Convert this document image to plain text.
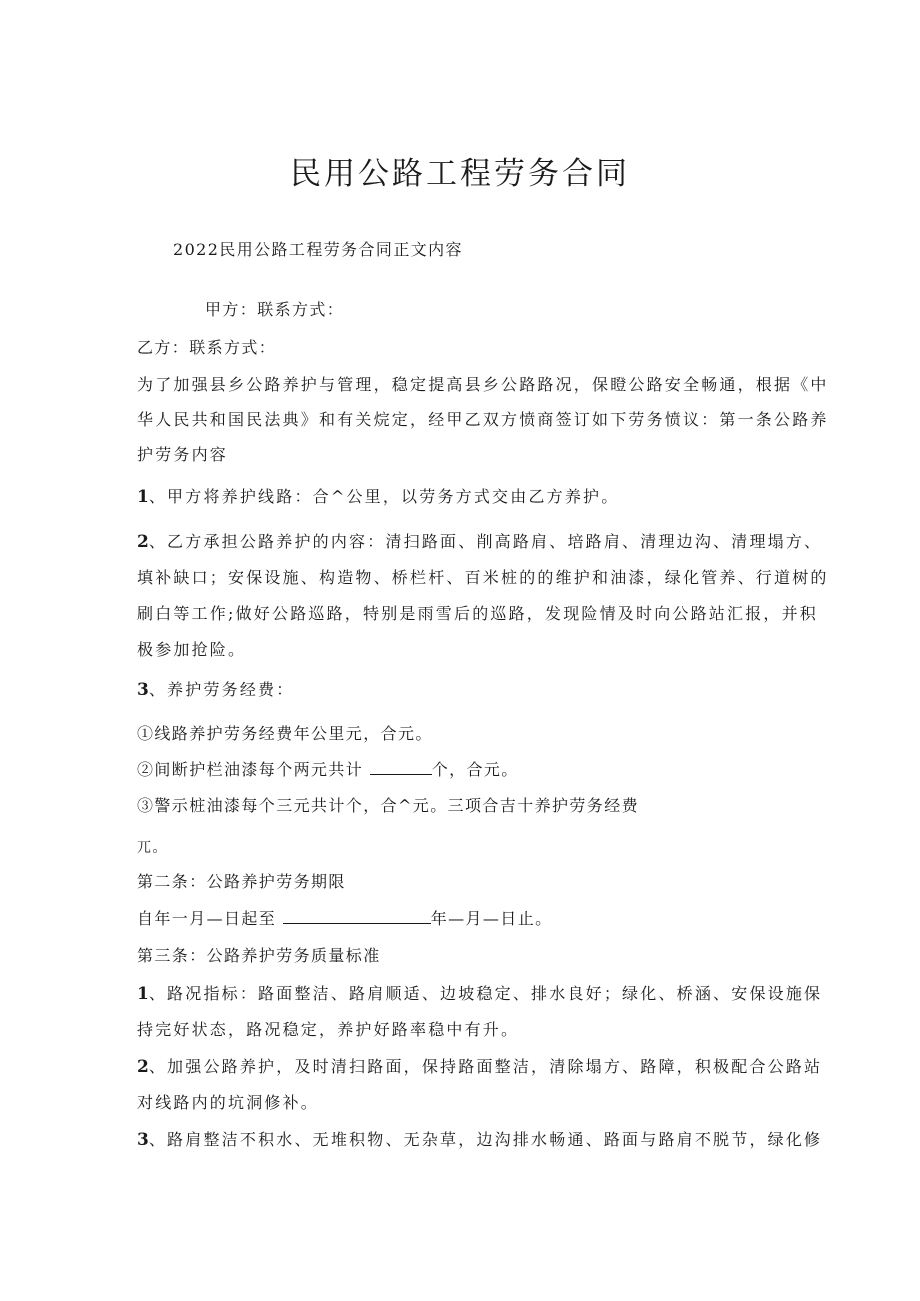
民用公路工程劳务合同
2022民用公路工程劳务合同正文内容
甲方：联系方式：
乙方：联系方式：
为了加强县乡公路养护与管理，稳定提高县乡公路路况，保瞪公路安全畅通，根据《中
华人民共和国民法典》和有关烷定，经甲乙双方愤商签订如下劳务愤议：第一条公路养
护劳务内容
1、甲方将养护线路：合^公里，以劳务方式交由乙方养护。
2、乙方承担公路养护的内容：清扫路面、削高路肩、培路肩、清理边沟、清理塌方、
填补缺口；安保设施、构造物、桥栏杆、百米桩的的维护和油漆，绿化管养、行道树的
刷白等工作;做好公路巡路，特别是雨雪后的巡路，发现险情及时向公路站汇报，并积
极参加抢险。
3、养护劳务经费：
①线路养护劳务经费年公里元，合元。
②间断护栏油漆每个两元共计	个，合元。
③警示桩油漆每个三元共计个，合^元。三项合吉十养护劳务经费
兀。
第二条：公路养护劳务期限
自年一月—日起至	年—月—日止。
第三条：公路养护劳务质量标准
1、路况指标：路面整洁、路肩顺适、边坡稳定、排水良好；绿化、桥涵、安保设施保
持完好状态，路况稳定，养护好路率稳中有升。
2、加强公路养护，及时清扫路面，保持路面整洁，清除塌方、路障，积极配合公路站
对线路内的坑洞修补。
3、路肩整洁不积水、无堆积物、无杂草，边沟排水畅通、路面与路肩不脱节，绿化修
